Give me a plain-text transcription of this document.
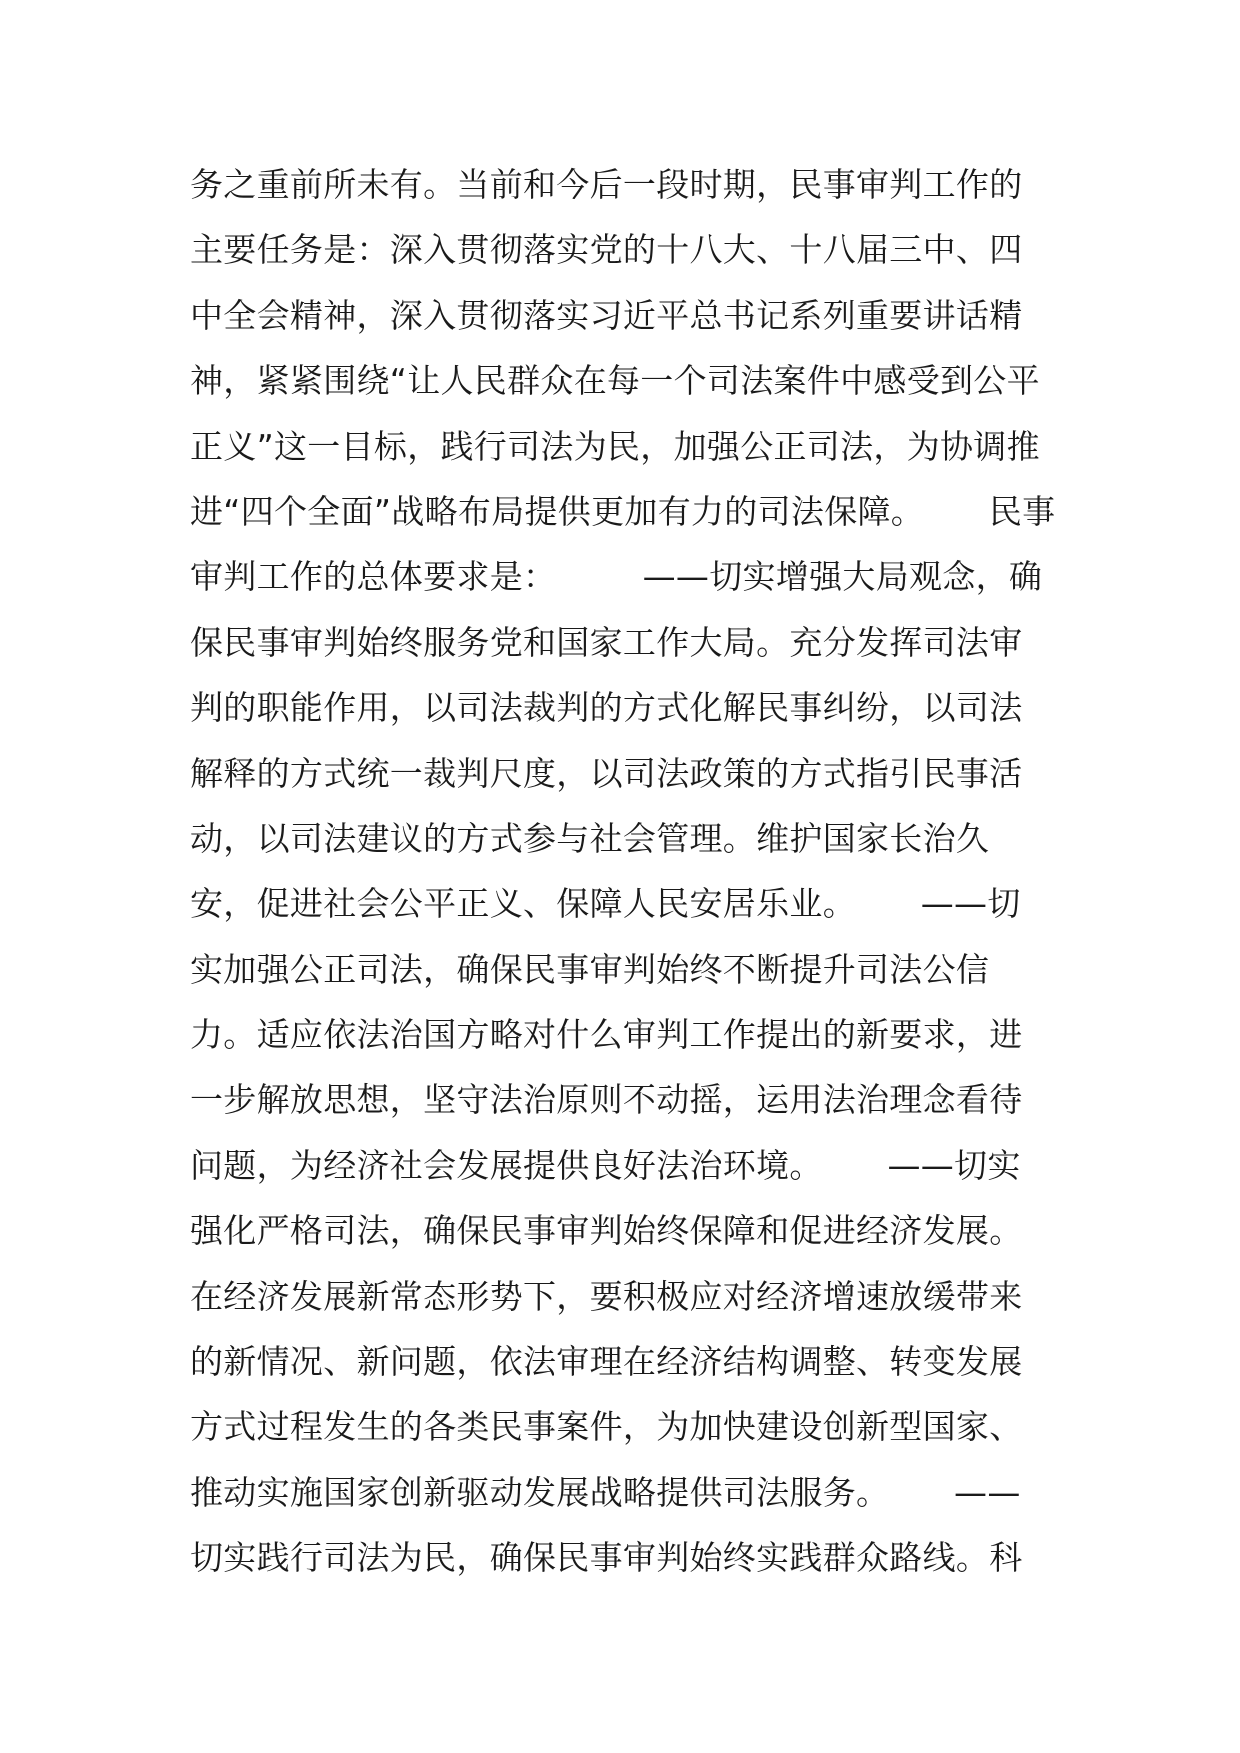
务之重前所未有。当前和今后一段时期，民事审判工作的
主要任务是：深入贯彻落实党的十八大、十八届三中、四
中全会精神，深入贯彻落实习近平总书记系列重要讲话精
神，紧紧围绕“让人民群众在每一个司法案件中感受到公平
正义”这一目标，践行司法为民，加强公正司法，为协调推
进“四个全面”战略布局提供更加有力的司法保障。      民事
审判工作的总体要求是：        ——切实增强大局观念，确
保民事审判始终服务党和国家工作大局。充分发挥司法审
判的职能作用，以司法裁判的方式化解民事纠纷，以司法
解释的方式统一裁判尺度，以司法政策的方式指引民事活
动，以司法建议的方式参与社会管理。维护国家长治久
安，促进社会公平正义、保障人民安居乐业。      ——切
实加强公正司法，确保民事审判始终不断提升司法公信
力。适应依法治国方略对什么审判工作提出的新要求，进
一步解放思想，坚守法治原则不动摇，运用法治理念看待
问题，为经济社会发展提供良好法治环境。      ——切实
强化严格司法，确保民事审判始终保障和促进经济发展。
在经济发展新常态形势下，要积极应对经济增速放缓带来
的新情况、新问题，依法审理在经济结构调整、转变发展
方式过程发生的各类民事案件，为加快建设创新型国家、
推动实施国家创新驱动发展战略提供司法服务。      ——
切实践行司法为民，确保民事审判始终实践群众路线。科
